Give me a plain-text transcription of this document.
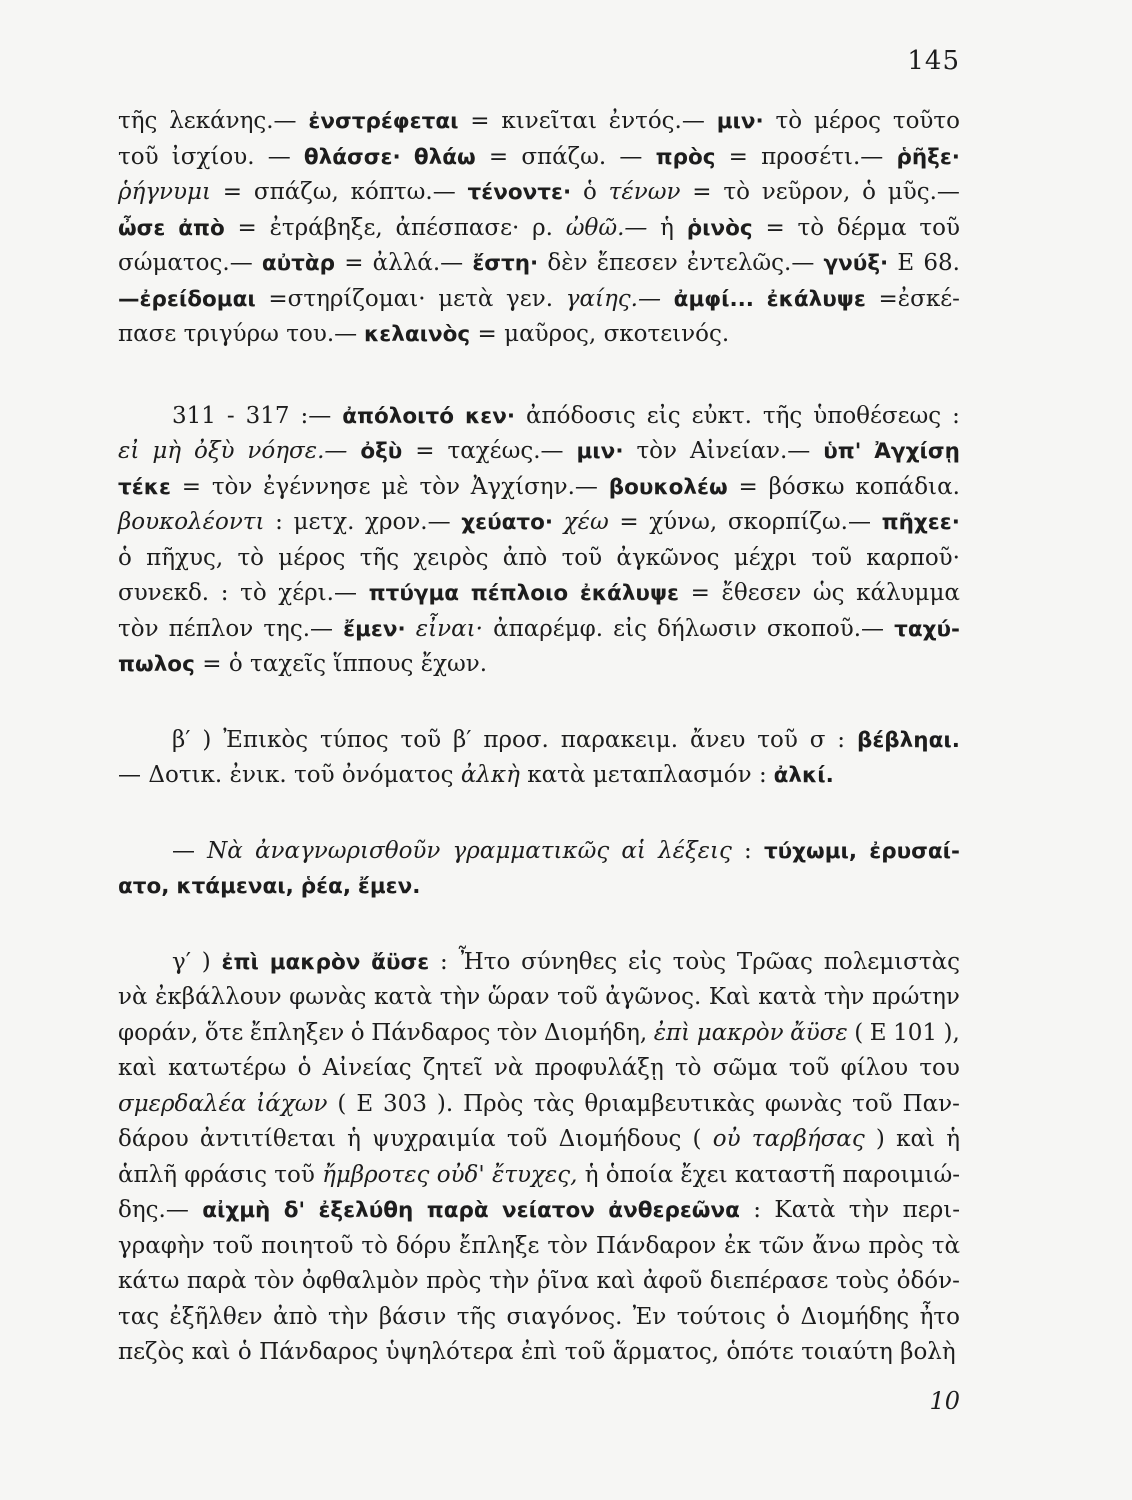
145
τῆς λεκάνης.— ἐνστρέφεται = κινεῖται ἐντός.— μιν· τὸ μέρος τοῦτο
τοῦ ἰσχίου. — θλάσσε· θλάω = σπάζω. — πρὸς = προσέτι.— ῥῆξε·
ῥήγνυμι = σπάζω, κόπτω.— τένοντε· ὁ τένων = τὸ νεῦρον, ὁ μῦς.—
ὦσε ἀπὸ = ἐτράβηξε, ἀπέσπασε· ρ. ὠθῶ.— ἡ ῥινὸς = τὸ δέρμα τοῦ
σώματος.— αὐτὰρ = ἀλλά.— ἔστη· δὲν ἔπεσεν ἐντελῶς.— γνύξ· Ε 68.
—ἐρείδομαι =στηρίζομαι· μετὰ γεν. γαίης.— ἀμφί... ἐκάλυψε =ἐσκέ-
πασε τριγύρω του.— κελαινὸς = μαῦρος, σκοτεινός.
311 - 317 :— ἀπόλοιτό κεν· ἀπόδοσις εἰς εὐκτ. τῆς ὑποθέσεως :
εἰ μὴ ὀξὺ νόησε.— ὀξὺ = ταχέως.— μιν· τὸν Αἰνείαν.— ὑπ' Ἀγχίσῃ
τέκε = τὸν ἐγέννησε μὲ τὸν Ἀγχίσην.— βουκολέω = βόσκω κοπάδια.
βουκολέοντι : μετχ. χρον.— χεύατο· χέω = χύνω, σκορπίζω.— πῆχεε·
ὁ πῆχυς, τὸ μέρος τῆς χειρὸς ἀπὸ τοῦ ἀγκῶνος μέχρι τοῦ καρποῦ·
συνεκδ. : τὸ χέρι.— πτύγμα πέπλοιο ἐκάλυψε = ἔθεσεν ὡς κάλυμμα
τὸν πέπλον της.— ἔμεν· εἶναι· ἀπαρέμφ. εἰς δήλωσιν σκοποῦ.— ταχύ-
πωλος = ὁ ταχεῖς ἵππους ἔχων.
β′ ) Ἐπικὸς τύπος τοῦ β′ προσ. παρακειμ. ἄνευ τοῦ σ : βέβληαι.
— Δοτικ. ἐνικ. τοῦ ὀνόματος ἀλκὴ κατὰ μεταπλασμόν : ἀλκί.
— Νὰ ἀναγνωρισθοῦν γραμματικῶς αἱ λέξεις : τύχωμι, ἐρυσαί-
ατο, κτάμεναι, ῥέα, ἔμεν.
γ′ ) ἐπὶ μακρὸν ἄϋσε : Ἦτο σύνηθες εἰς τοὺς Τρῶας πολεμιστὰς
νὰ ἐκβάλλουν φωνὰς κατὰ τὴν ὥραν τοῦ ἀγῶνος. Καὶ κατὰ τὴν πρώτην
φοράν, ὅτε ἔπληξεν ὁ Πάνδαρος τὸν Διομήδη, ἐπὶ μακρὸν ἄϋσε ( Ε 101 ),
καὶ κατωτέρω ὁ Αἰνείας ζητεῖ νὰ προφυλάξῃ τὸ σῶμα τοῦ φίλου του
σμερδαλέα ἰάχων ( Ε 303 ). Πρὸς τὰς θριαμβευτικὰς φωνὰς τοῦ Παν-
δάρου ἀντιτίθεται ἡ ψυχραιμία τοῦ Διομήδους ( οὐ ταρβήσας ) καὶ ἡ
ἁπλῆ φράσις τοῦ ἤμβροτες οὐδ' ἔτυχες, ἡ ὁποία ἔχει καταστῆ παροιμιώ-
δης.— αἰχμὴ δ' ἐξελύθη παρὰ νείατον ἀνθερεῶνα : Κατὰ τὴν περι-
γραφὴν τοῦ ποιητοῦ τὸ δόρυ ἔπληξε τὸν Πάνδαρον ἐκ τῶν ἄνω πρὸς τὰ
κάτω παρὰ τὸν ὀφθαλμὸν πρὸς τὴν ῥῖνα καὶ ἀφοῦ διεπέρασε τοὺς ὀδόν-
τας ἐξῆλθεν ἀπὸ τὴν βάσιν τῆς σιαγόνος. Ἐν τούτοις ὁ Διομήδης ἦτο
πεζὸς καὶ ὁ Πάνδαρος ὑψηλότερα ἐπὶ τοῦ ἅρματος, ὁπότε τοιαύτη βολὴ
10
